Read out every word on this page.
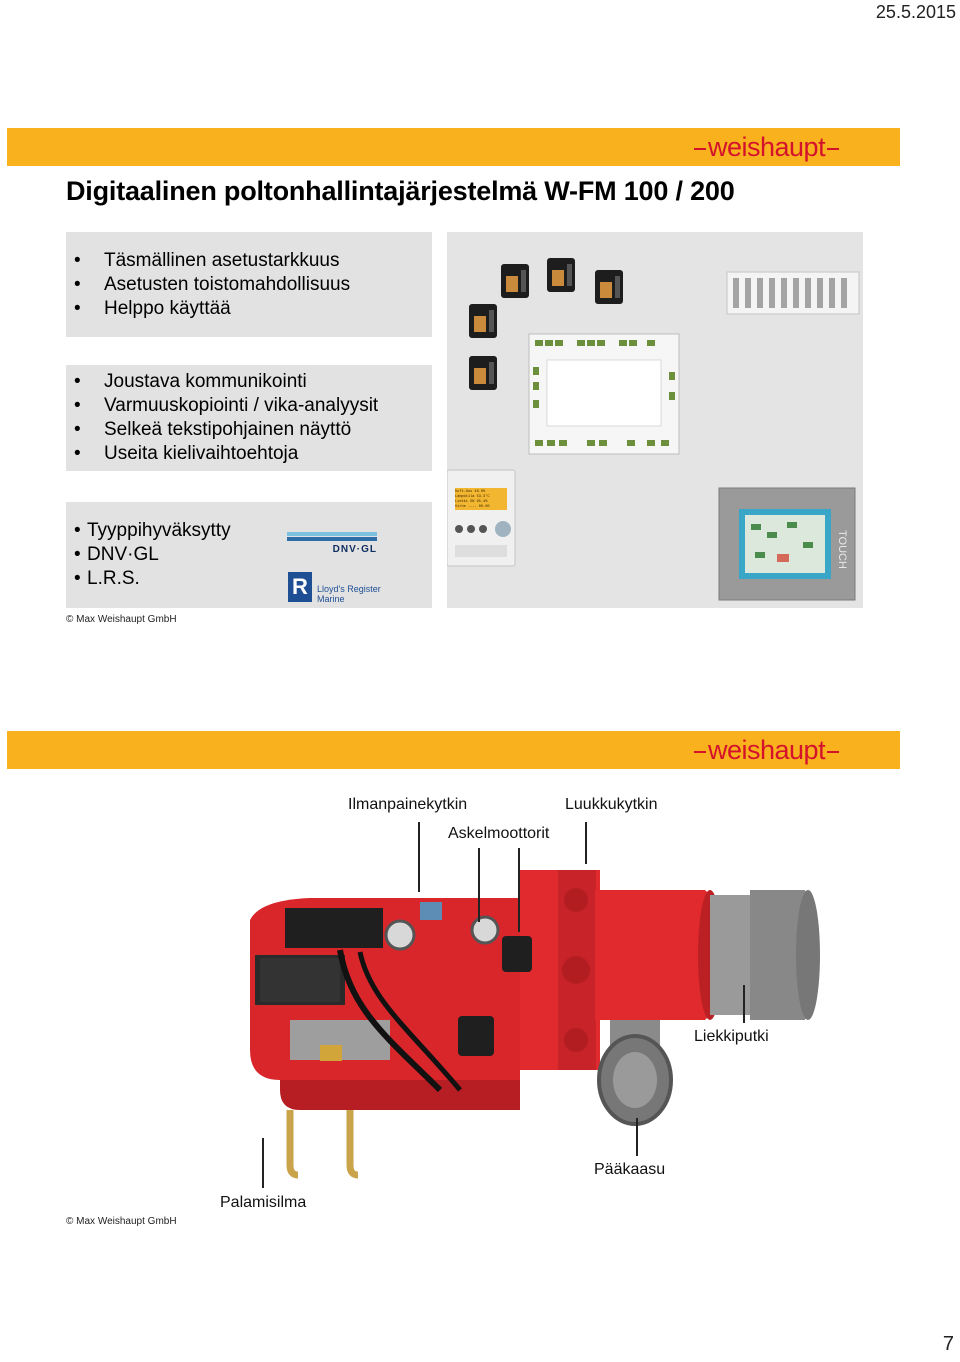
25.5.2015
weishaupt
Digitaalinen poltonhallintajärjestelmä W-FM 100 / 200
• Täsmällinen asetustarkkuus
• Asetusten toistomahdollisuus
• Helppo käyttää
• Joustava kommunikointi
• Varmuuskopiointi / vika-analyysit
• Selkeä tekstipohjainen näyttö
• Useita kielivaihtoehtoja
• Tyyppihyväksytty
• DNV·GL
• L.R.S.
DNV·GL
R	Lloyd's Register
Marine
TOUCH
Duft-Gas 46.0%
Lämpötila 53.3°C
Liekki ON 95.4%
Virhe ---- 00.00
© Max Weishaupt GmbH
weishaupt
Ilmanpainekytkin	Luukkukytkin
Askelmoottorit
Liekkiputki
Pääkaasu
Palamisilma
© Max Weishaupt GmbH
7
